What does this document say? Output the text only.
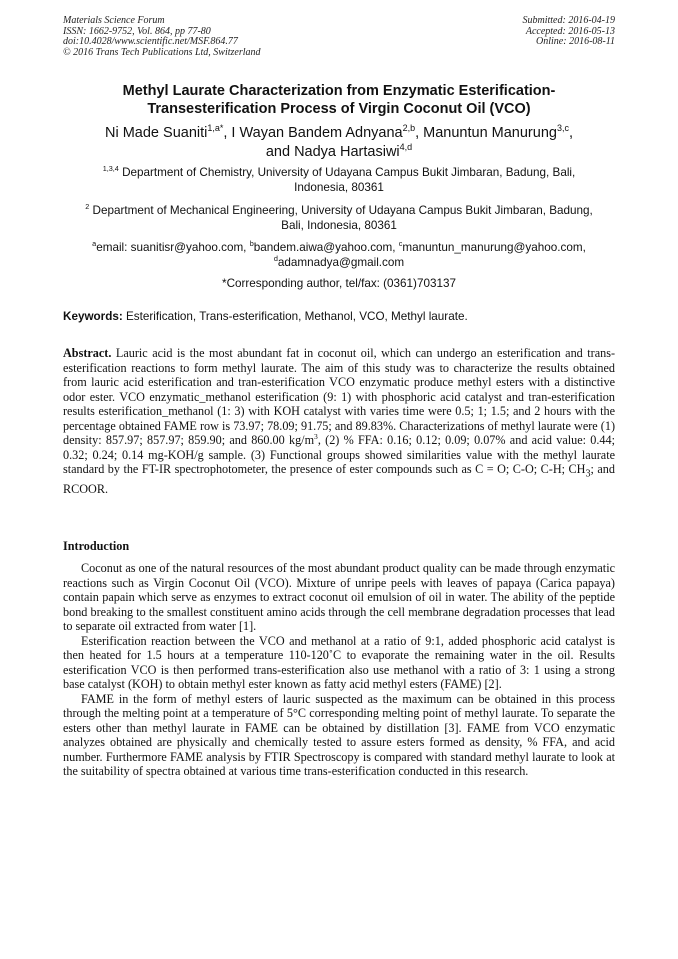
Materials Science Forum
ISSN: 1662-9752, Vol. 864, pp 77-80
doi:10.4028/www.scientific.net/MSF.864.77
© 2016 Trans Tech Publications Ltd, Switzerland
Submitted: 2016-04-19
Accepted: 2016-05-13
Online: 2016-08-11
Methyl Laurate Characterization from Enzymatic Esterification-
Transesterification Process of Virgin Coconut Oil (VCO)
Ni Made Suaniti$^{1,a*}$, I Wayan Bandem Adnyana$^{2,b}$, Manuntun Manurung$^{3,c}$,
and Nadya Hartasiwi$^{4,d}$
$^{1,3,4}$ Department of Chemistry, University of Udayana Campus Bukit Jimbaran, Badung, Bali,
Indonesia, 80361
$^2$ Department of Mechanical Engineering, University of Udayana Campus Bukit Jimbaran, Badung,
Bali, Indonesia, 80361
$^a$email: suanitisr@yahoo.com, $^b$bandem.aiwa@yahoo.com, $^c$manuntun_manurung@yahoo.com,
$^d$adamnadya@gmail.com
*Corresponding author, tel/fax: (0361)703137
Keywords: Esterification, Trans-esterification, Methanol, VCO, Methyl laurate.
Abstract. Lauric acid is the most abundant fat in coconut oil, which can undergo an esterification and trans-esterification reactions to form methyl laurate. The aim of this study was to characterize the results obtained from lauric acid esterification and tran-esterification VCO enzymatic produce methyl esters with a distinctive odor ester. VCO enzymatic_methanol esterification (9: 1) with phosphoric acid catalyst and tran-esterification results esterification_methanol (1: 3) with KOH catalyst with varies time were 0.5; 1; 1.5; and 2 hours with the percentage obtained FAME row is 73.97; 78.09; 91.75; and 89.83%. Characterizations of methyl laurate were (1) density: 857.97; 857.97; 859.90; and 860.00 $kg/m^3$, (2) % FFA: 0.16; 0.12; 0.09; 0.07% and acid value: 0.44; 0.32; 0.24; 0.14 mg-KOH/g sample. (3) Functional groups showed similarities value with the methyl laurate standard by the FT-IR spectrophotometer, the presence of ester compounds such as C = O; C-O; C-H; $CH_3$; and RCOOR.
Introduction

Coconut as one of the natural resources of the most abundant product quality can be made through enzymatic reactions such as Virgin Coconut Oil (VCO). Mixture of unripe peels with leaves of papaya (Carica papaya) contain papain which serve as enzymes to extract coconut oil emulsion of oil in water. The ability of the peptide bond breaking to the smallest constituent amino acids through the cell membrane degradation processes that lead to separate oil extracted from water [1].

Esterification reaction between the VCO and methanol at a ratio of 9:1, added phosphoric acid catalyst is then heated for 1.5 hours at a temperature 110-120˚C to evaporate the remaining water in the oil. Results esterification VCO is then performed trans-esterification also use methanol with a ratio of 3: 1 using a strong base catalyst (KOH) to obtain methyl ester known as fatty acid methyl esters (FAME) [2].

FAME in the form of methyl esters of lauric suspected as the maximum can be obtained in this process through the melting point at a temperature of 5°C corresponding melting point of methyl laurate. To separate the esters other than methyl laurate in FAME can be obtained by distillation [3]. FAME from VCO enzymatic analyzes obtained are physically and chemically tested to assure esters formed as density, % FFA, and acid number. Furthermore FAME analysis by FTIR Spectroscopy is compared with standard methyl laurate to look at the suitability of spectra obtained at various time trans-esterification conducted in this research.
